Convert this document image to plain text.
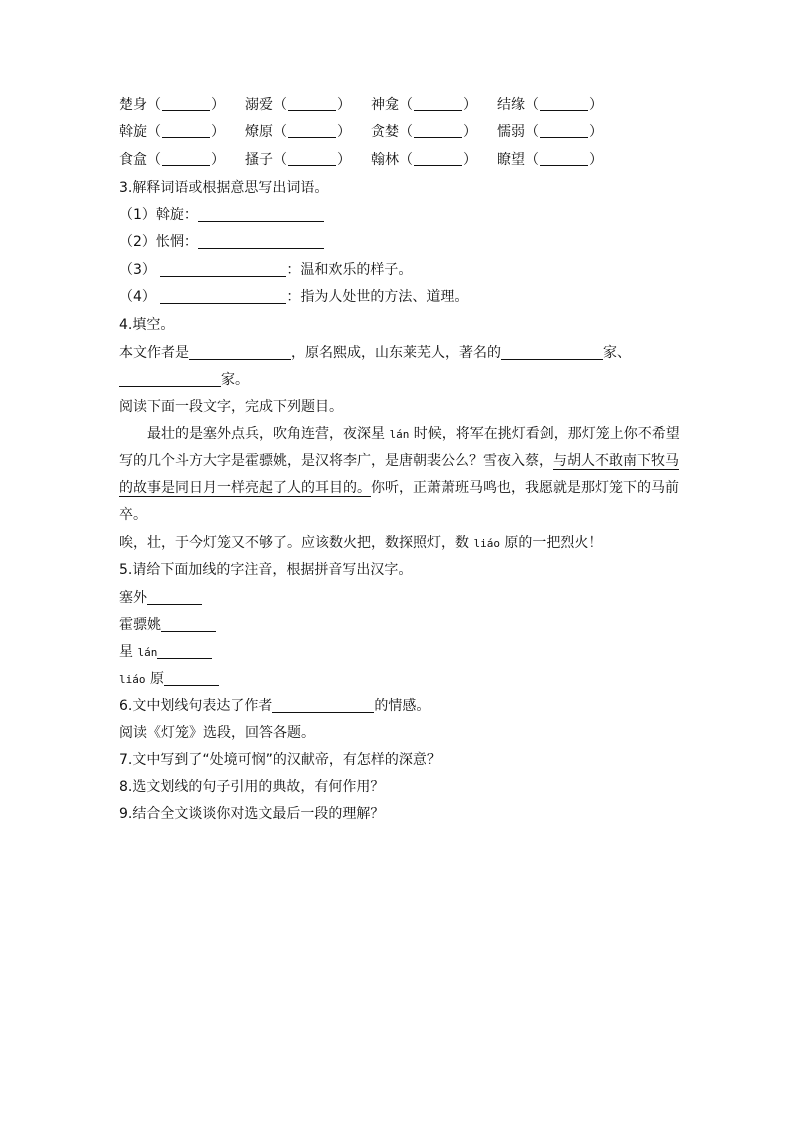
楚身（	） 溺爱（	） 神龛（	） 结缘（	）
斡旋（	） 燎原（	） 贪婪（	） 懦弱（	）
食盒（	） 搔子（	） 翰林（	） 瞭望（	）
3.解释词语或根据意思写出词语。
（1）斡旋：
（2）怅惘：
（3）	：温和欢乐的样子。
（4）	：指为人处世的方法、道理。
4.填空。
本文作者是	，原名熙成，山东莱芜人，著名的	家、
家。
阅读下面一段文字，完成下列题目。
最壮的是塞外点兵，吹角连营，夜深星 lán 时候，将军在挑灯看剑，那灯笼上你不希望
写的几个斗方大字是霍骠姚，是汉将李广，是唐朝裴公么？雪夜入蔡，与胡人不敢南下牧马
的故事是同日月一样亮起了人的耳目的。你听，正萧萧班马鸣也，我愿就是那灯笼下的马前
卒。
唉，壮，于今灯笼又不够了。应该数火把，数探照灯，数 liáo 原的一把烈火！
5.请给下面加线的字注音，根据拼音写出汉字。
塞外
霍骠姚
星 lán
liáo 原
6.文中划线句表达了作者	的情感。
阅读《灯笼》选段，回答各题。
7.文中写到了“处境可悯”的汉献帝，有怎样的深意？
8.选文划线的句子引用的典故，有何作用？
9.结合全文谈谈你对选文最后一段的理解？
